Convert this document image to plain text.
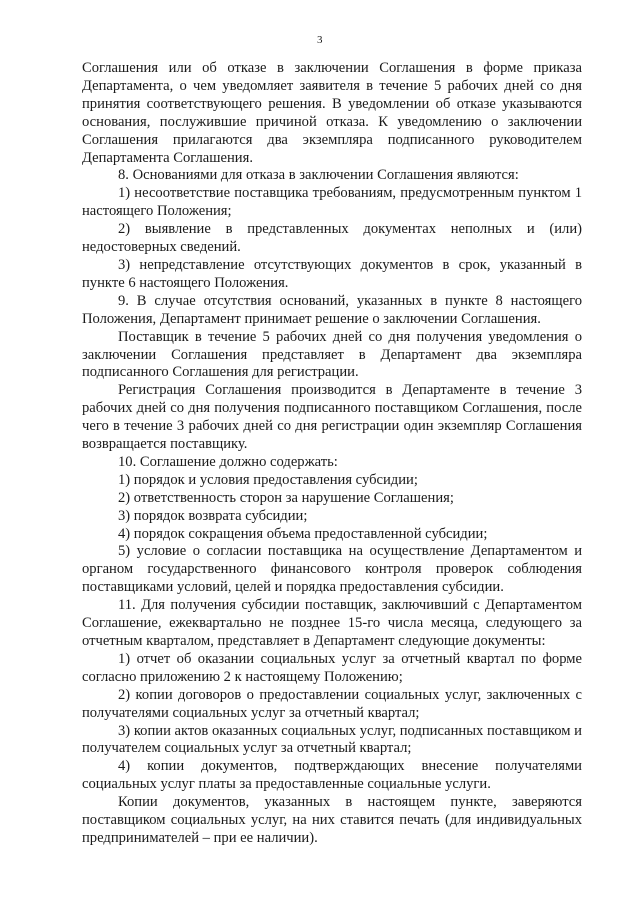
3

Соглашения или об отказе в заключении Соглашения в форме приказа Департамента, о чем уведомляет заявителя в течение 5 рабочих дней со дня принятия соответствующего решения. В уведомлении об отказе указываются основания, послужившие причиной отказа. К уведомлению о заключении Соглашения прилагаются два экземпляра подписанного руководителем Департамента Соглашения.

8. Основаниями для отказа в заключении Соглашения являются:

1) несоответствие поставщика требованиям, предусмотренным пунктом 1 настоящего Положения;

2) выявление в представленных документах неполных и (или) недостоверных сведений.

3) непредставление отсутствующих документов в срок, указанный в пункте 6 настоящего Положения.

9. В случае отсутствия оснований, указанных в пункте 8 настоящего Положения, Департамент принимает решение о заключении Соглашения.

Поставщик в течение 5 рабочих дней со дня получения уведомления о заключении Соглашения представляет в Департамент два экземпляра подписанного Соглашения для регистрации.

Регистрация Соглашения производится в Департаменте в течение 3 рабочих дней со дня получения подписанного поставщиком Соглашения, после чего в течение 3 рабочих дней со дня регистрации один экземпляр Соглашения возвращается поставщику.

10. Соглашение должно содержать:

1) порядок и условия предоставления субсидии;

2) ответственность сторон за нарушение Соглашения;

3) порядок возврата субсидии;

4) порядок сокращения объема предоставленной субсидии;

5) условие о согласии поставщика на осуществление Департаментом и органом государственного финансового контроля проверок соблюдения поставщиками условий, целей и порядка предоставления субсидии.

11. Для получения субсидии поставщик, заключивший с Департаментом Соглашение, ежеквартально не позднее 15-го числа месяца, следующего за отчетным кварталом, представляет в Департамент следующие документы:

1) отчет об оказании социальных услуг за отчетный квартал по форме согласно приложению 2 к настоящему Положению;

2) копии договоров о предоставлении социальных услуг, заключенных с получателями социальных услуг за отчетный квартал;

3) копии актов оказанных социальных услуг, подписанных поставщиком и получателем социальных услуг за отчетный квартал;

4) копии документов, подтверждающих внесение получателями социальных услуг платы за предоставленные социальные услуги.

Копии документов, указанных в настоящем пункте, заверяются поставщиком социальных услуг, на них ставится печать (для индивидуальных предпринимателей – при ее наличии).
